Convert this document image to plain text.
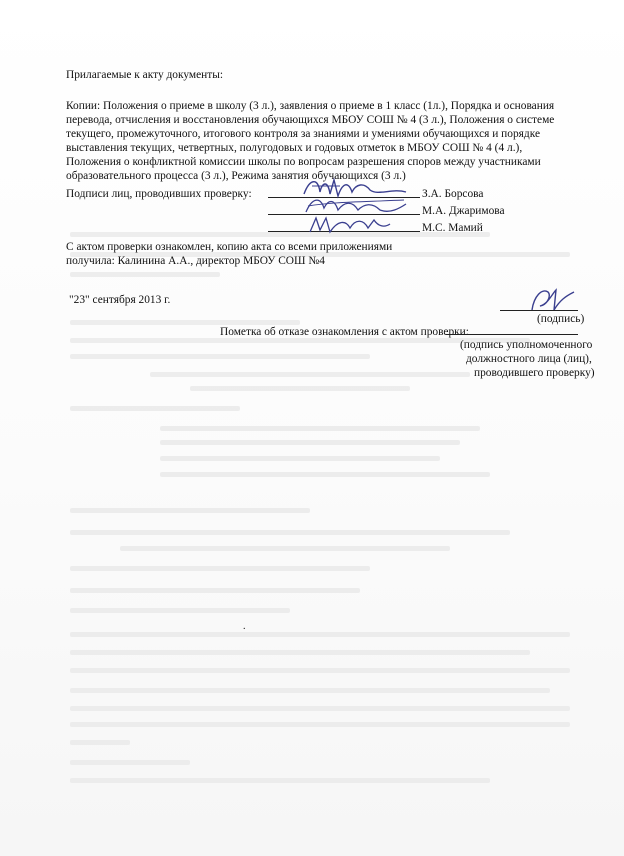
Прилагаемые к акту документы:

Копии: Положения о приеме в школу (3 л.), заявления о приеме в 1 класс (1л.), Порядка и основания перевода, отчисления и восстановления обучающихся МБОУ СОШ № 4 (3 л.), Положения о системе текущего, промежуточного, итогового контроля за знаниями и умениями обучающихся и порядке выставления текущих, четвертных, полугодовых и годовых отметок в МБОУ СОШ № 4 (4 л.), Положения о конфликтной комиссии школы по вопросам разрешения споров между участниками образовательного процесса (3 л.), Режима занятия обучающихся (3 л.)

Подписи лиц, проводивших проверку:	З.А. Борсова

М.А. Джаримова

М.С. Мамий

С актом проверки ознакомлен, копию акта со всеми приложениями

получила: Калинина А.А., директор МБОУ СОШ №4

"23" сентября 2013 г.

(подпись)

Пометка об отказе ознакомления с актом проверки:

(подпись уполномоченного

должностного лица (лиц),

проводившего проверку)

.
